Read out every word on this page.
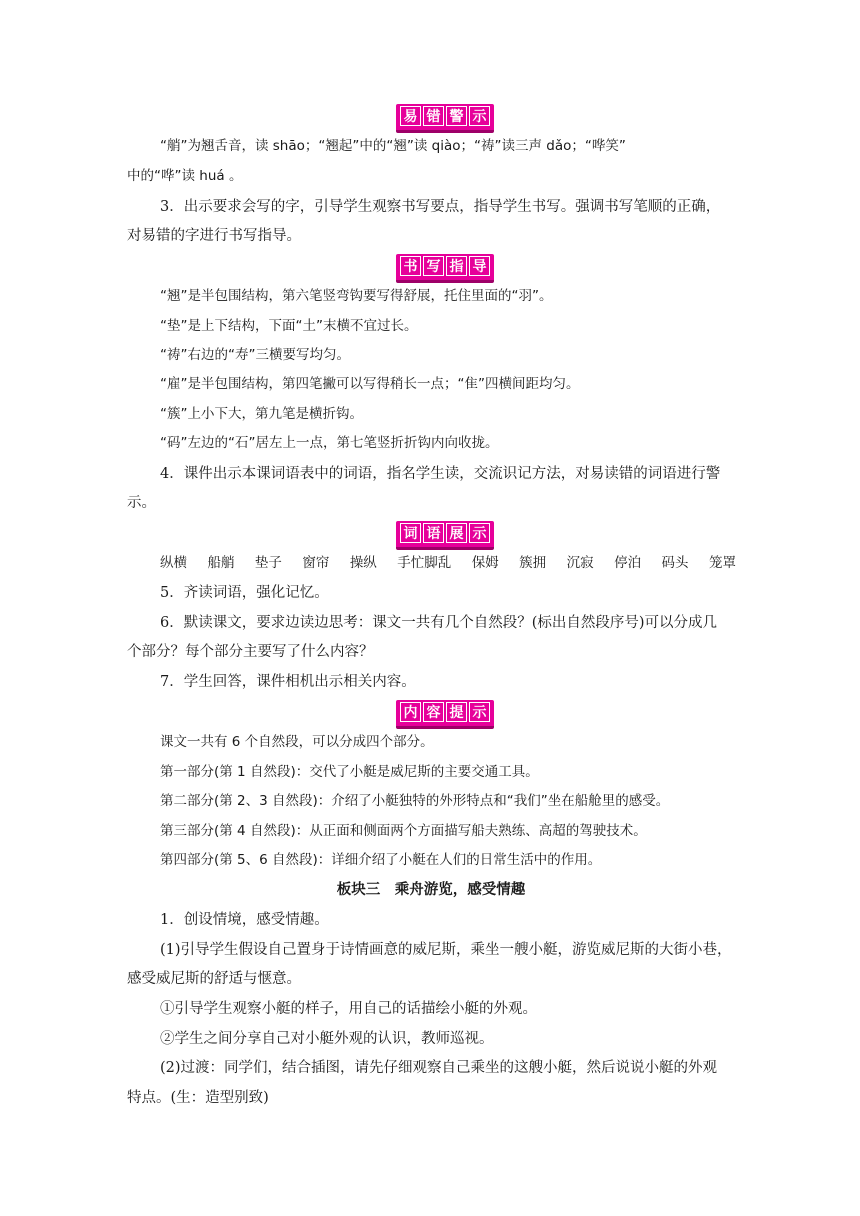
易 错 警 示
“艄”为翘舌音，读 shāo；“翘起”中的“翘”读 qiào；“祷”读三声 dǎo；“哗笑”
中的“哗”读 huá 。
3．出示要求会写的字，引导学生观察书写要点，指导学生书写。强调书写笔顺的正确，
对易错的字进行书写指导。
书 写 指 导
“翘”是半包围结构，第六笔竖弯钩要写得舒展，托住里面的“羽”。
“垫”是上下结构，下面“土”末横不宜过长。
“祷”右边的“寿”三横要写均匀。
“雇”是半包围结构，第四笔撇可以写得稍长一点；“隹”四横间距均匀。
“簇”上小下大，第九笔是横折钩。
“码”左边的“石”居左上一点，第七笔竖折折钩内向收拢。
4．课件出示本课词语表中的词语，指名学生读，交流识记方法，对易读错的词语进行警
示。
词 语 展 示
纵横 船艄 垫子 窗帘 操纵 手忙脚乱 保姆 簇拥 沉寂 停泊 码头 笼罩
5．齐读词语，强化记忆。
6．默读课文，要求边读边思考：课文一共有几个自然段？(标出自然段序号)可以分成几
个部分？每个部分主要写了什么内容？
7．学生回答，课件相机出示相关内容。
内 容 提 示
课文一共有 6 个自然段，可以分成四个部分。
第一部分(第 1 自然段)：交代了小艇是威尼斯的主要交通工具。
第二部分(第 2、3 自然段)：介绍了小艇独特的外形特点和“我们”坐在船舱里的感受。
第三部分(第 4 自然段)：从正面和侧面两个方面描写船夫熟练、高超的驾驶技术。
第四部分(第 5、6 自然段)：详细介绍了小艇在人们的日常生活中的作用。
板块三　乘舟游览，感受情趣
1．创设情境，感受情趣。
(1)引导学生假设自己置身于诗情画意的威尼斯，乘坐一艘小艇，游览威尼斯的大街小巷，
感受威尼斯的舒适与惬意。
①引导学生观察小艇的样子，用自己的话描绘小艇的外观。
②学生之间分享自己对小艇外观的认识，教师巡视。
(2)过渡：同学们，结合插图，请先仔细观察自己乘坐的这艘小艇，然后说说小艇的外观
特点。(生：造型别致)
